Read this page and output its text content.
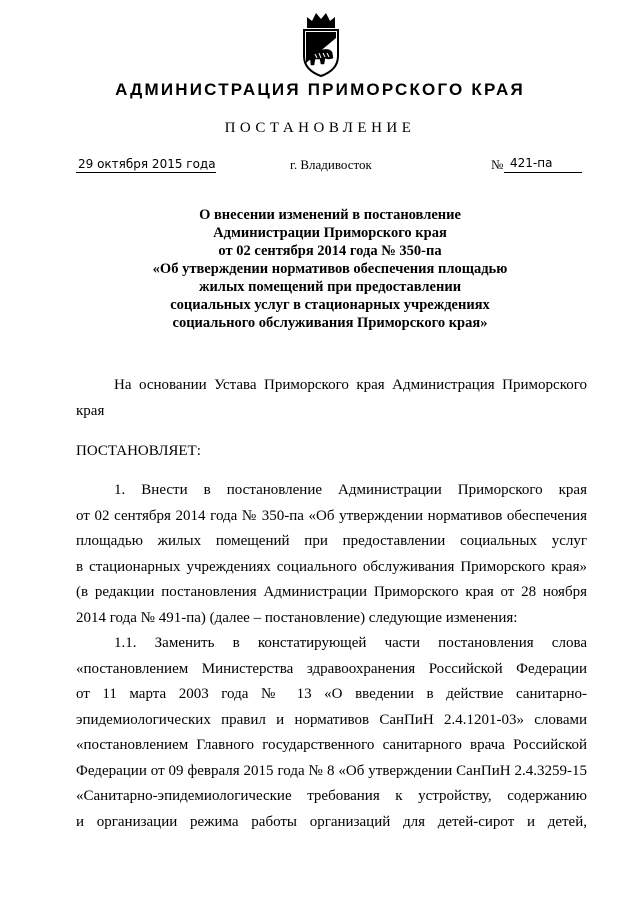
АДМИНИСТРАЦИЯ ПРИМОРСКОГО КРАЯ
ПОСТАНОВЛЕНИЕ
29 октября 2015 года	г. Владивосток	№ 421-па
О внесении изменений в постановление
Администрации Приморского края
от 02 сентября 2014 года № 350-па
«Об утверждении нормативов обеспечения площадью
жилых помещений при предоставлении
социальных услуг в стационарных учреждениях
социального обслуживания Приморского края»
На основании Устава Приморского края Администрация Приморского
края
ПОСТАНОВЛЯЕТ:
1. Внести в постановление Администрации Приморского края
от 02 сентября 2014 года № 350-па «Об утверждении нормативов обеспечения
площадью жилых помещений при предоставлении социальных услуг
в стационарных учреждениях социального обслуживания Приморского края»
(в редакции постановления Администрации Приморского края от 28 ноября
2014 года № 491-па) (далее – постановление) следующие изменения:
1.1. Заменить в констатирующей части постановления слова
«постановлением Министерства здравоохранения Российской Федерации
от 11 марта 2003 года № 13 «О введении в действие санитарно-
эпидемиологических правил и нормативов СанПиН 2.4.1201-03» словами
«постановлением Главного государственного санитарного врача Российской
Федерации от 09 февраля 2015 года № 8 «Об утверждении СанПиН 2.4.3259-15
«Санитарно-эпидемиологические требования к устройству, содержанию
и организации режима работы организаций для детей-сирот и детей,
